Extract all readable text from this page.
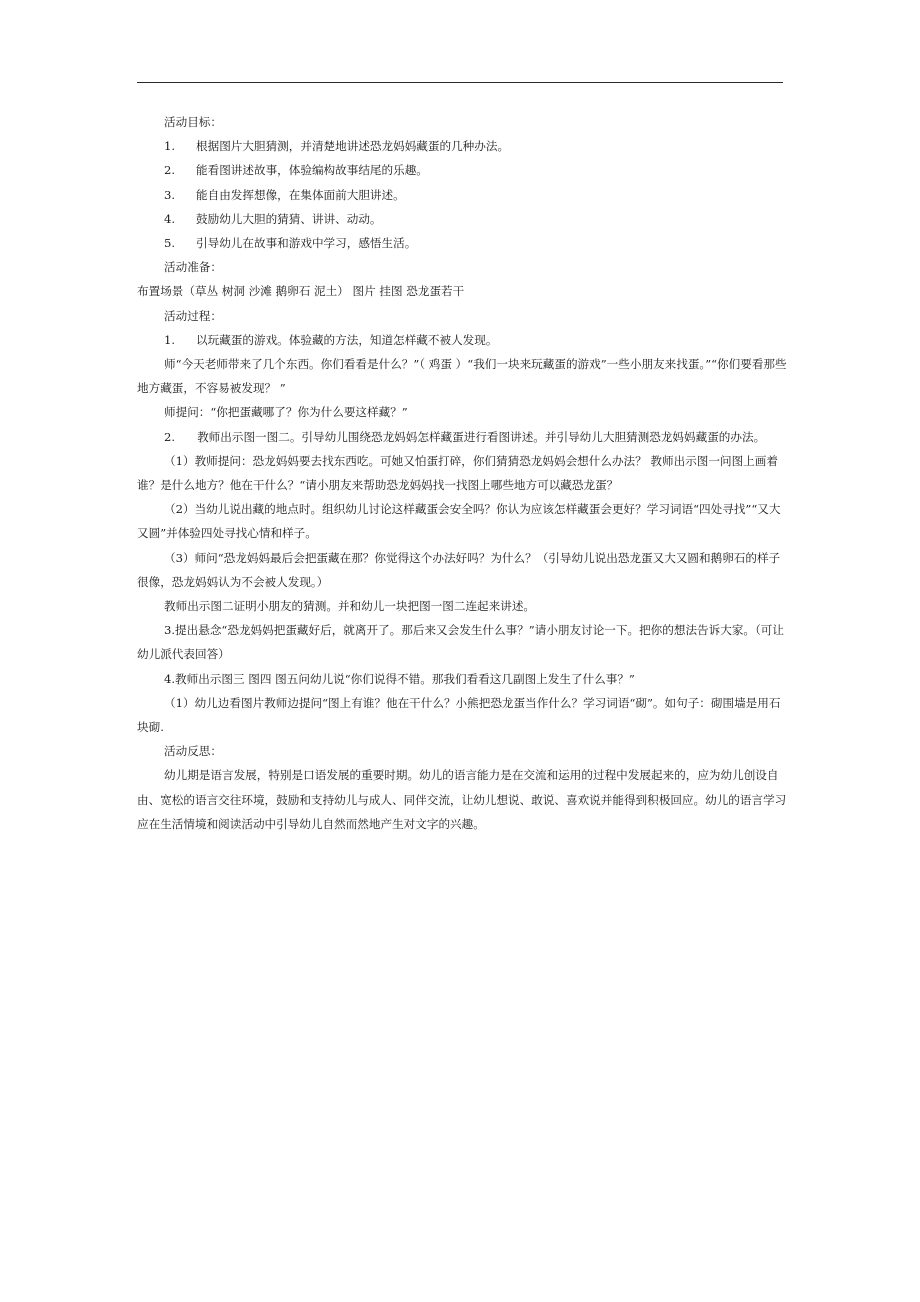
活动目标：

1.	根据图片大胆猜测，并清楚地讲述恐龙妈妈藏蛋的几种办法。
2.	能看图讲述故事，体验编构故事结尾的乐趣。
3.	能自由发挥想像，在集体面前大胆讲述。
4.	鼓励幼儿大胆的猜猜、讲讲、动动。
5.	引导幼儿在故事和游戏中学习，感悟生活。

活动准备：

布置场景（草丛 树洞 沙滩 鹅卵石 泥土） 图片 挂图 恐龙蛋若干

活动过程：

1.	以玩藏蛋的游戏。体验藏的方法，知道怎样藏不被人发现。

师“今天老师带来了几个东西。你们看看是什么？”（ 鸡蛋 ）“我们一块来玩藏蛋的游戏”一些小朋友来找蛋。”“你们要看那些地方藏蛋，不容易被发现？ ”

师提问：“你把蛋藏哪了？你为什么要这样藏？”

2. 教师出示图一图二。引导幼儿围绕恐龙妈妈怎样藏蛋进行看图讲述。并引导幼儿大胆猜测恐龙妈妈藏蛋的办法。

（1）教师提问：恐龙妈妈要去找东西吃。可她又怕蛋打碎，你们猜猜恐龙妈妈会想什么办法？ 教师出示图一问图上画着谁？是什么地方？他在干什么？“请小朋友来帮助恐龙妈妈找一找图上哪些地方可以藏恐龙蛋？

（2）当幼儿说出藏的地点时。组织幼儿讨论这样藏蛋会安全吗？你认为应该怎样藏蛋会更好？学习词语“四处寻找”“又大又圆”并体验四处寻找心情和样子。

（3）师问“恐龙妈妈最后会把蛋藏在那？你觉得这个办法好吗？为什么？（引导幼儿说出恐龙蛋又大又圆和鹅卵石的样子很像，恐龙妈妈认为不会被人发现。）

教师出示图二证明小朋友的猜测。并和幼儿一块把图一图二连起来讲述。

3.提出悬念“恐龙妈妈把蛋藏好后，就离开了。那后来又会发生什么事？”请小朋友讨论一下。把你的想法告诉大家。（可让幼儿派代表回答）

4.教师出示图三 图四 图五问幼儿说“你们说得不错。那我们看看这几副图上发生了什么事？”

（1）幼儿边看图片教师边提问“图上有谁？他在干什么？小熊把恐龙蛋当作什么？学习词语“砌”。如句子：砌围墙是用石块砌.

活动反思：

幼儿期是语言发展，特别是口语发展的重要时期。幼儿的语言能力是在交流和运用的过程中发展起来的，应为幼儿创设自由、宽松的语言交往环境，鼓励和支持幼儿与成人、同伴交流，让幼儿想说、敢说、喜欢说并能得到积极回应。幼儿的语言学习应在生活情境和阅读活动中引导幼儿自然而然地产生对文字的兴趣。
